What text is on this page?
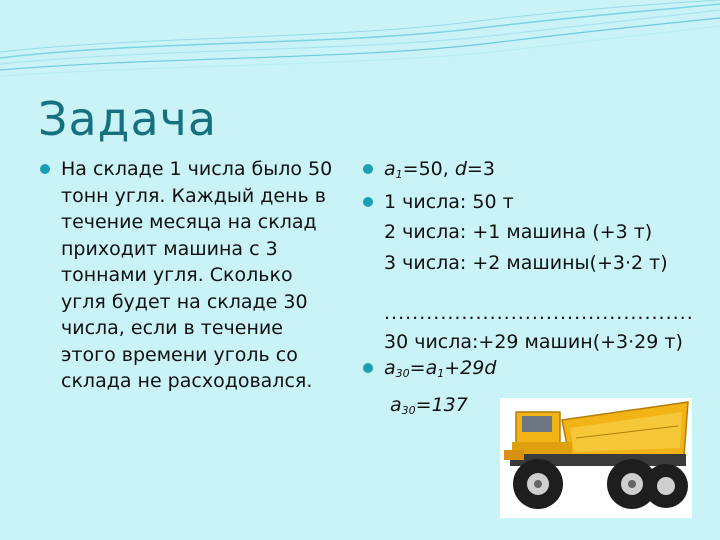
Задача
На складе 1 числа было 50 тонн угля. Каждый день в течение месяца на склад приходит машина с 3 тоннами угля. Сколько угля будет на складе 30 числа, если в течение этого времени уголь со склада не расходовался.
$a_1=50$, d=3
1 числа: 50 т
2 числа: +1 машина (+3 т)
3 числа: +2 машины(+3·2 т)
............................................
30 числа:+29 машин(+3·29 т)
$a_{30}=a_1+29d$
$a_{30}=137$
